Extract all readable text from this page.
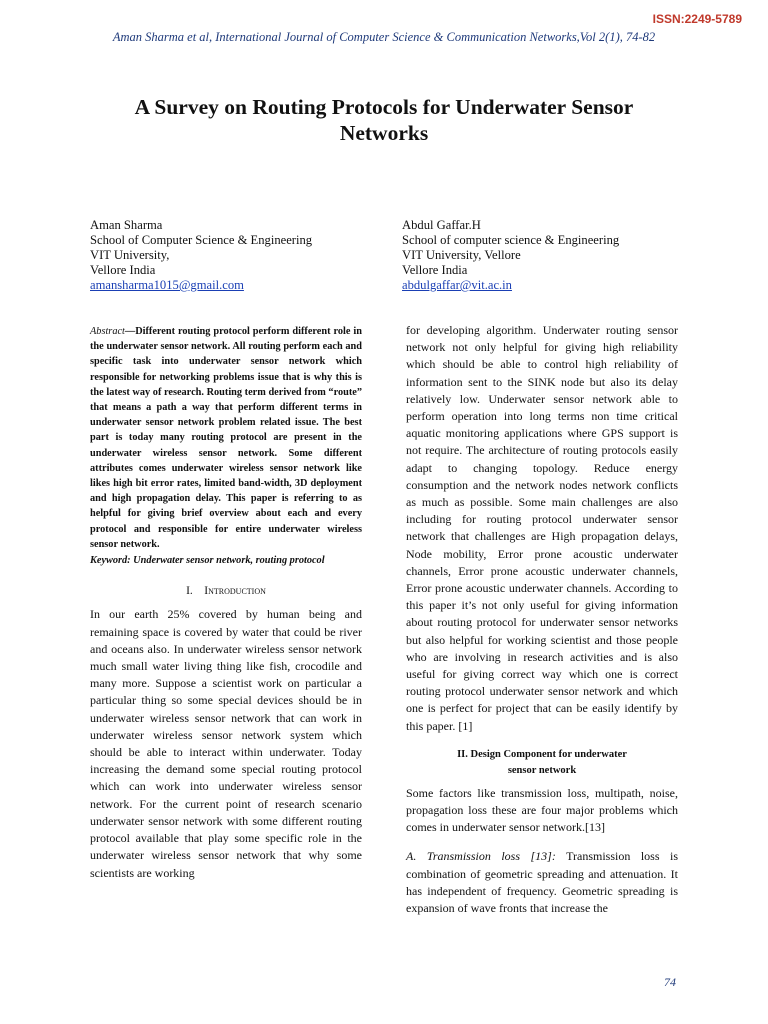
ISSN:2249-5789
Aman Sharma et al, International Journal of Computer Science & Communication Networks,Vol 2(1), 74-82
A Survey on Routing Protocols for Underwater Sensor Networks
Aman Sharma
School of Computer Science & Engineering
VIT University,
Vellore India
amansharma1015@gmail.com
Abdul Gaffar.H
School of computer science & Engineering
VIT University, Vellore
Vellore India
abdulgaffar@vit.ac.in

Abstract—Different routing protocol perform different role in the underwater sensor network. All routing perform each and specific task into underwater sensor network which responsible for networking problems issue that is why this is the latest way of research. Routing term derived from “route” that means a path a way that perform different terms in underwater sensor network problem related issue. The best part is today many routing protocol are present in the underwater wireless sensor network. Some different attributes comes underwater wireless sensor network like likes high bit error rates, limited band-width, 3D deployment and high propagation delay. This paper is referring to as helpful for giving brief overview about each and every protocol and responsible for entire underwater wireless sensor network.

Keyword: Underwater sensor network, routing protocol

I. Introduction

In our earth 25% covered by human being and remaining space is covered by water that could be river and oceans also. In underwater wireless sensor network much small water living thing like fish, crocodile and many more. Suppose a scientist work on particular a particular thing so some special devices should be in underwater wireless sensor network that can work in underwater wireless sensor network system which should be able to interact within underwater. Today increasing the demand some special routing protocol which can work into underwater wireless sensor network. For the current point of research scenario underwater sensor network with some different routing protocol available that play some specific role in the underwater wireless sensor network that why some scientists are working

for developing algorithm. Underwater routing sensor network not only helpful for giving high reliability which should be able to control high reliability of information sent to the SINK node but also its delay relatively low. Underwater sensor network able to perform operation into long terms non time critical aquatic monitoring applications where GPS support is not require. The architecture of routing protocols easily adapt to changing topology. Reduce energy consumption and the network nodes network conflicts as much as possible. Some main challenges are also including for routing protocol underwater sensor network that challenges are High propagation delays, Node mobility, Error prone acoustic underwater channels, Error prone acoustic underwater channels, Error prone acoustic underwater channels. According to this paper it’s not only useful for giving information about routing protocol for underwater sensor networks but also helpful for working scientist and those people who are involving in research activities and is also useful for giving correct way which one is correct routing protocol underwater sensor network and which one is perfect for project that can be easily identify by this paper. [1]

II. Design Component for underwater
sensor network

Some factors like transmission loss, multipath, noise, propagation loss these are four major problems which comes in underwater sensor network.[13]

A. Transmission loss [13]: Transmission loss is combination of geometric spreading and attenuation. It has independent of frequency. Geometric spreading is expansion of wave fronts that increase the

74
